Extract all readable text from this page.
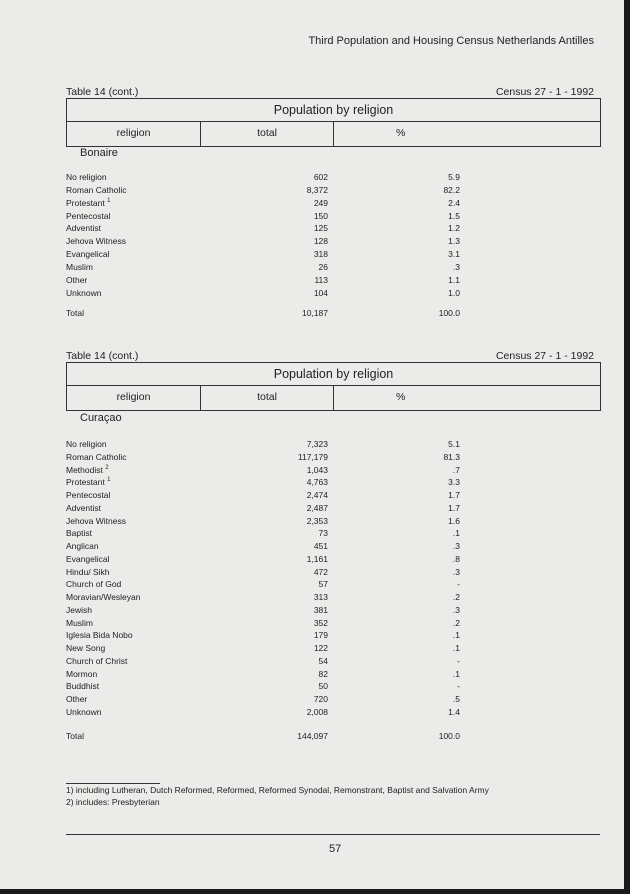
Third Population and Housing Census Netherlands Antilles
Table 14 (cont.)	Census 27 - 1 - 1992
Population by religion
religion	total	%
Bonaire
No religion	602	5.9
Roman Catholic	8,372	82.2
Protestant $^1$	249	2.4
Pentecostal	150	1.5
Adventist	125	1.2
Jehova Witness	128	1.3
Evangelical	318	3.1
Muslim	26	.3
Other	113	1.1
Unknown	104	1.0
Total	10,187	100.0
Table 14 (cont.)	Census 27 - 1 - 1992
Population by religion
religion	total	%
Curaçao
No religion	7,323	5.1
Roman Catholic	117,179	81.3
Methodist $^2$	1,043	.7
Protestant $^1$	4,763	3.3
Pentecostal	2,474	1.7
Adventist	2,487	1.7
Jehova Witness	2,353	1.6
Baptist	73	.1
Anglican	451	.3
Evangelical	1,161	.8
Hindu/ Sikh	472	.3
Church of God	57	-
Moravian/Wesleyan	313	.2
Jewish	381	.3
Muslim	352	.2
Iglesia Bida Nobo	179	.1
New Song	122	.1
Church of Christ	54	-
Mormon	82	.1
Buddhist	50	-
Other	720	.5
Unknown	2,008	1.4
Total	144,097	100.0
1) including Lutheran, Dutch Reformed, Reformed, Reformed Synodal, Remonstrant, Baptist and Salvation Army
2) includes: Presbyterian
57
